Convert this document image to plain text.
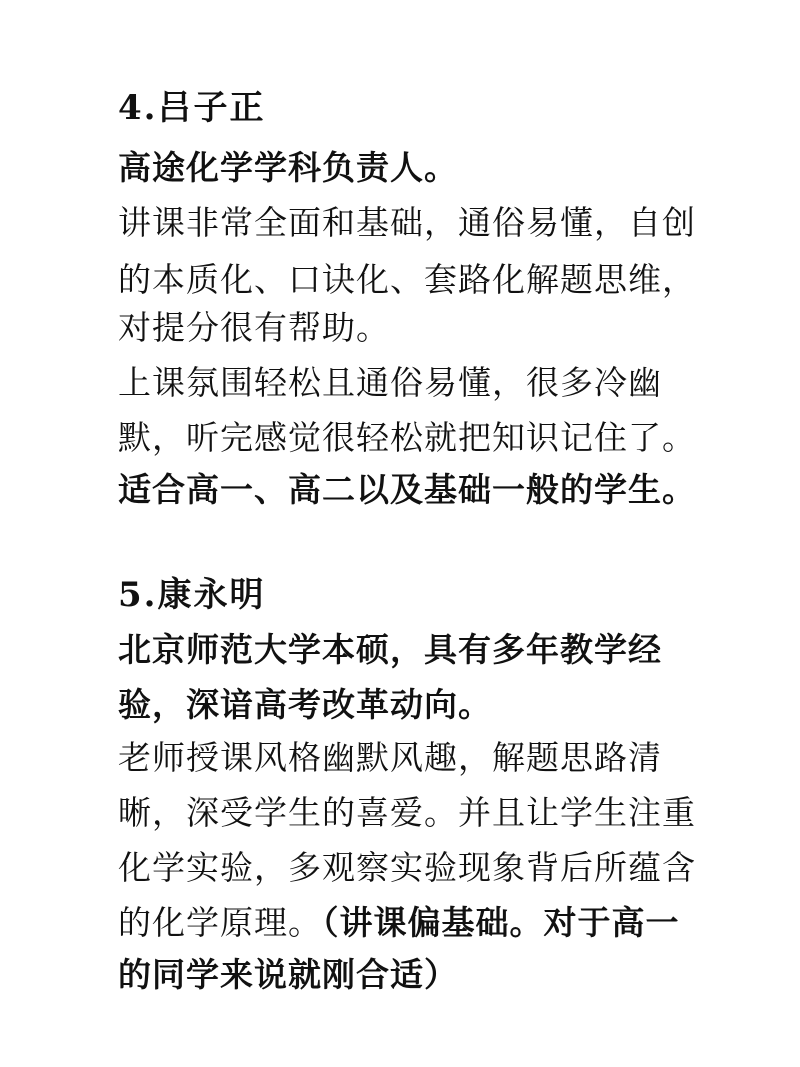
4.吕子正
高途化学学科负责人。
讲课非常全面和基础，通俗易懂，自创
的本质化、口诀化、套路化解题思维，
对提分很有帮助。
上课氛围轻松且通俗易懂，很多冷幽
默，听完感觉很轻松就把知识记住了。
适合高一、高二以及基础一般的学生。
5.康永明
北京师范大学本硕，具有多年教学经
验，深谙高考改革动向。
老师授课风格幽默风趣，解题思路清
晰，深受学生的喜爱。并且让学生注重
化学实验，多观察实验现象背后所蕴含
的化学原理。（讲课偏基础。对于高一
的同学来说就刚合适）
